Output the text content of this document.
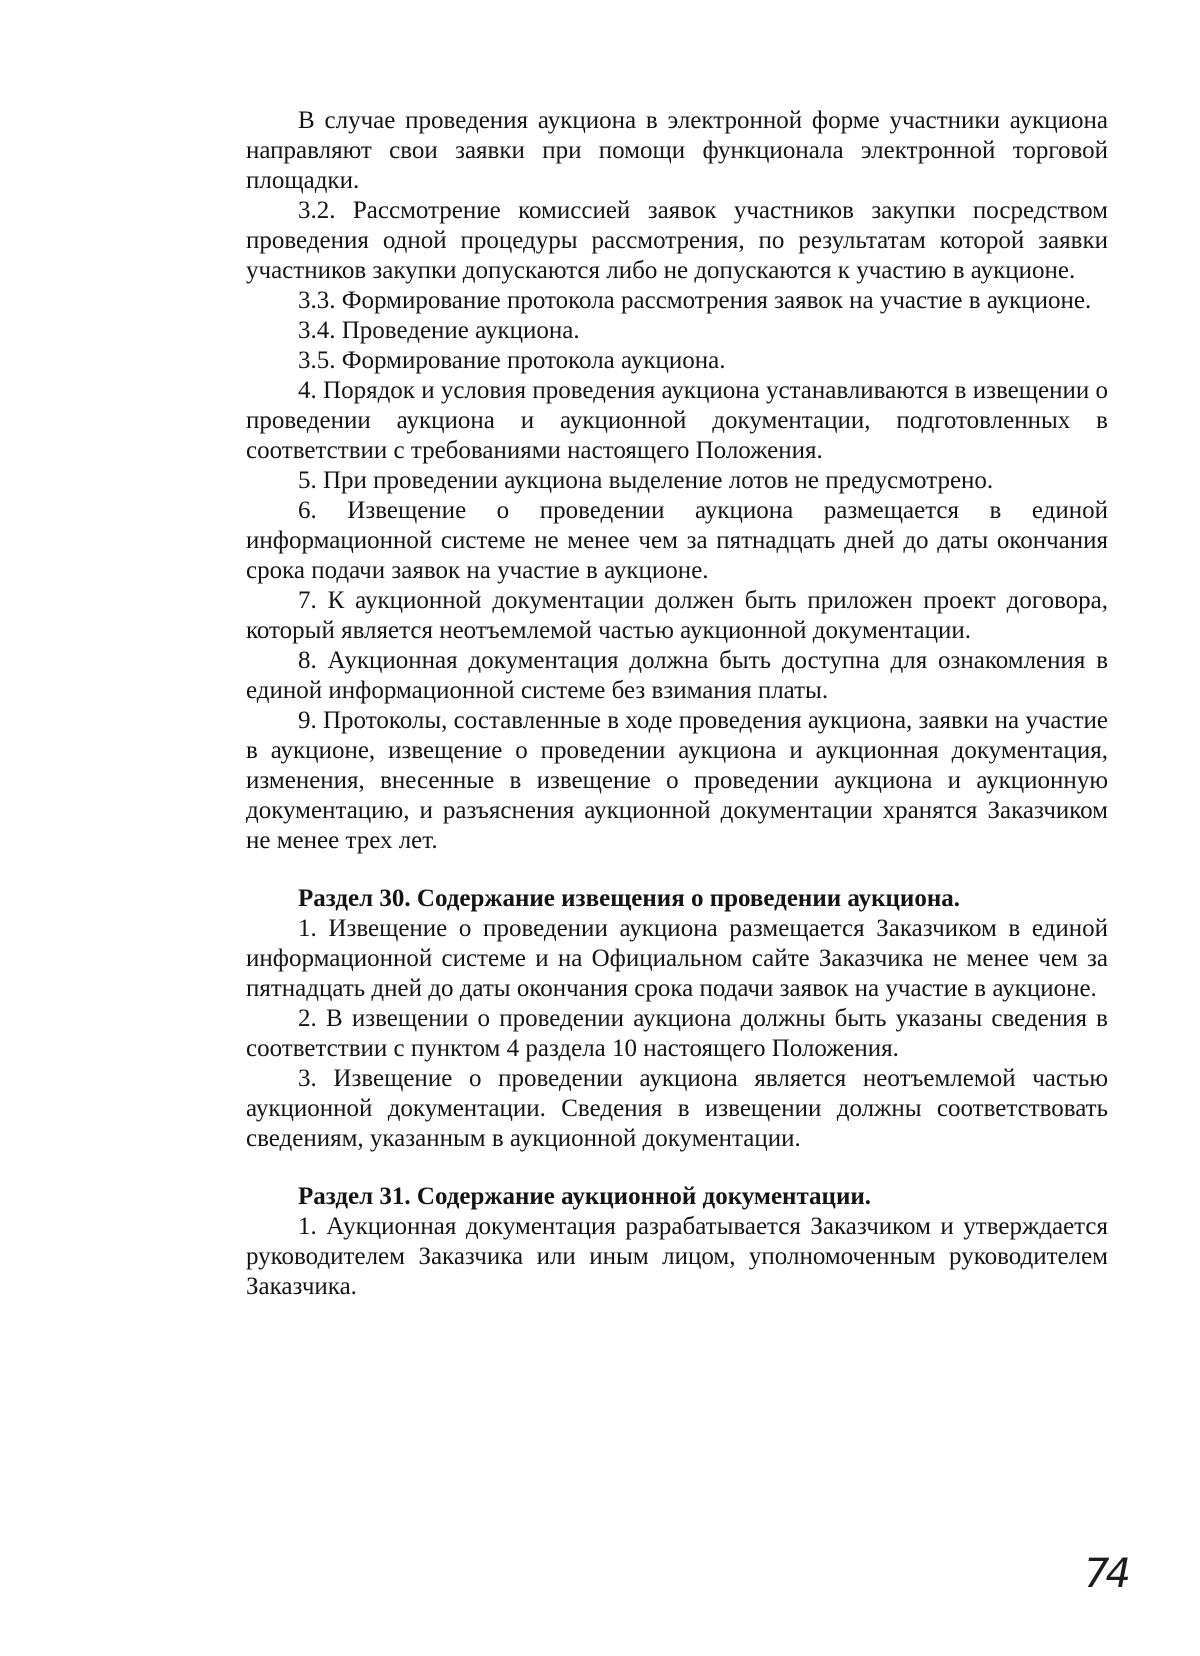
В случае проведения аукциона в электронной форме участники аукциона направляют свои заявки при помощи функционала электронной торговой площадки.

3.2. Рассмотрение комиссией заявок участников закупки посредством проведения одной процедуры рассмотрения, по результатам которой заявки участников закупки допускаются либо не допускаются к участию в аукционе.

3.3. Формирование протокола рассмотрения заявок на участие в аукционе.

3.4. Проведение аукциона.

3.5. Формирование протокола аукциона.

4. Порядок и условия проведения аукциона устанавливаются в извещении о проведении аукциона и аукционной документации, подготовленных в соответствии с требованиями настоящего Положения.

5. При проведении аукциона выделение лотов не предусмотрено.

6. Извещение о проведении аукциона размещается в единой информационной системе не менее чем за пятнадцать дней до даты окончания срока подачи заявок на участие в аукционе.

7. К аукционной документации должен быть приложен проект договора, который является неотъемлемой частью аукционной документации.

8. Аукционная документация должна быть доступна для ознакомления в единой информационной системе без взимания платы.

9. Протоколы, составленные в ходе проведения аукциона, заявки на участие в аукционе, извещение о проведении аукциона и аукционная документация, изменения, внесенные в извещение о проведении аукциона и аукционную документацию, и разъяснения аукционной документации хранятся Заказчиком не менее трех лет.

Раздел 30. Содержание извещения о проведении аукциона.

1. Извещение о проведении аукциона размещается Заказчиком в единой информационной системе и на Официальном сайте Заказчика не менее чем за пятнадцать дней до даты окончания срока подачи заявок на участие в аукционе.

2. В извещении о проведении аукциона должны быть указаны сведения в соответствии с пунктом 4 раздела 10 настоящего Положения.

3. Извещение о проведении аукциона является неотъемлемой частью аукционной документации. Сведения в извещении должны соответствовать сведениям, указанным в аукционной документации.

Раздел 31. Содержание аукционной документации.

1. Аукционная документация разрабатывается Заказчиком и утверждается руководителем Заказчика или иным лицом, уполномоченным руководителем Заказчика.

74
